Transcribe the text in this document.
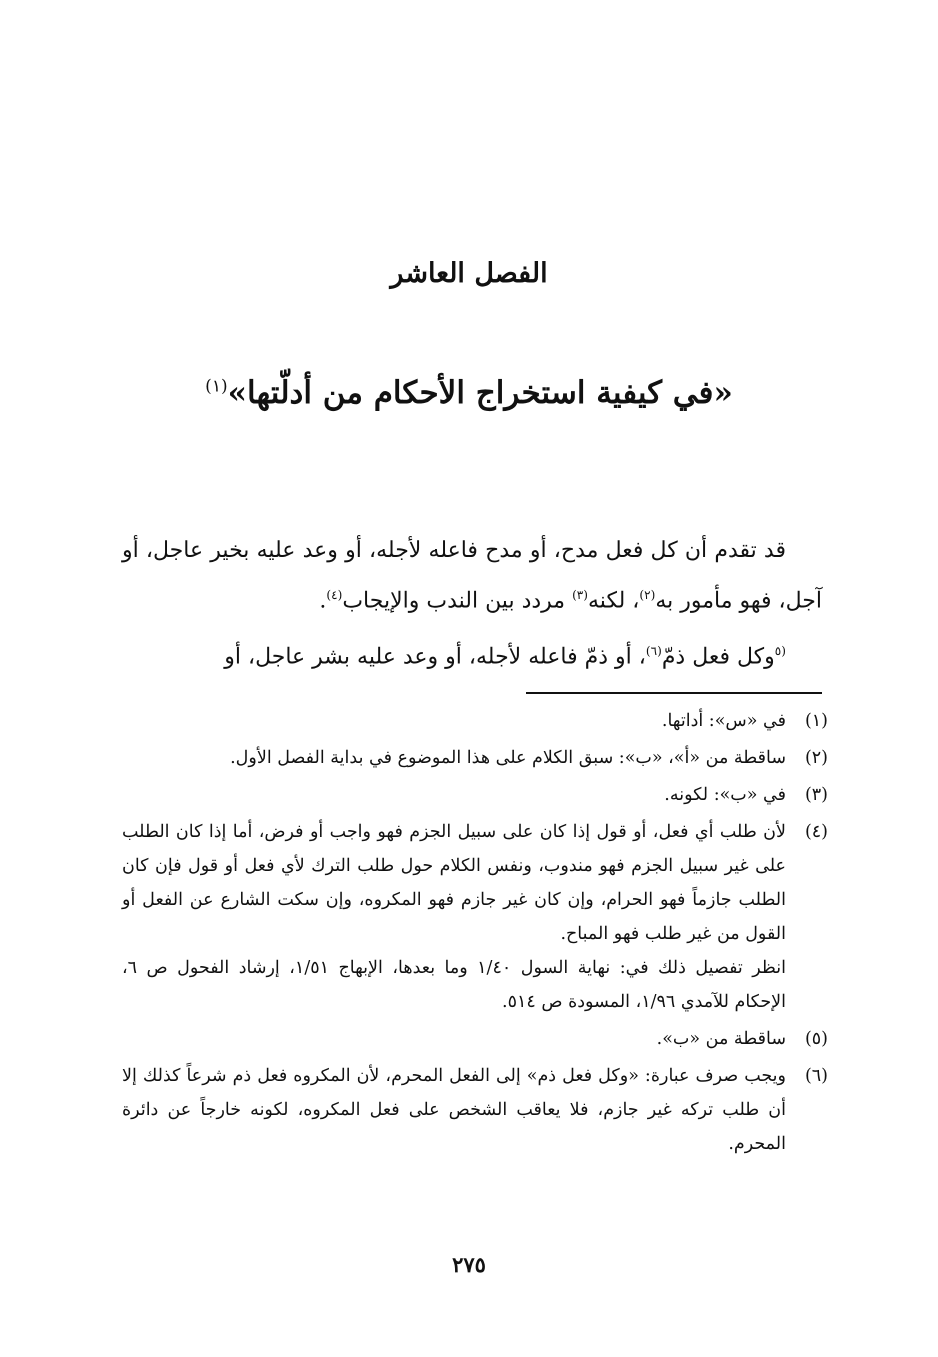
الفصل العاشر
«في كيفية استخراج الأحكام من أدلّتها»$^{(١)}$

قد تقدم أن كل فعل مدح، أو مدح فاعله لأجله، أو وعد عليه بخير عاجل، أو آجل، فهو مأمور به$^{(٢)}$، لكنه$^{(٣)}$ مردد بين الندب والإيجاب$^{(٤)}$.

$^{(٥}$وكل فعل ذمّ$^{(٦)}$، أو ذمّ فاعله لأجله، أو وعد عليه بشر عاجل، أو

(١)
في «س»: أداتها.
(٢)
ساقطة من «أ»، «ب»: سبق الكلام على هذا الموضوع في بداية الفصل الأول.
(٣)
في «ب»: لكونه.
(٤)
لأن طلب أي فعل، أو قول إذا كان على سبيل الجزم فهو واجب أو فرض، أما إذا كان الطلب على غير سبيل الجزم فهو مندوب، ونفس الكلام حول طلب الترك لأي فعل أو قول فإن كان الطلب جازماً فهو الحرام، وإن كان غير جازم فهو المكروه، وإن سكت الشارع عن الفعل أو القول من غير طلب فهو المباح.
انظر تفصيل ذلك في: نهاية السول ١/٤٠ وما بعدها، الإبهاج ١/٥١، إرشاد الفحول ص ٦، الإحكام للآمدي ١/٩٦، المسودة ص ٥١٤.
(٥)
ساقطة من «ب».
(٦)
ويجب صرف عبارة: «وكل فعل ذم» إلى الفعل المحرم، لأن المكروه فعل ذم شرعاً كذلك إلا أن طلب تركه غير جازم، فلا يعاقب الشخص على فعل المكروه، لكونه خارجاً عن دائرة المحرم.
٢٧٥
